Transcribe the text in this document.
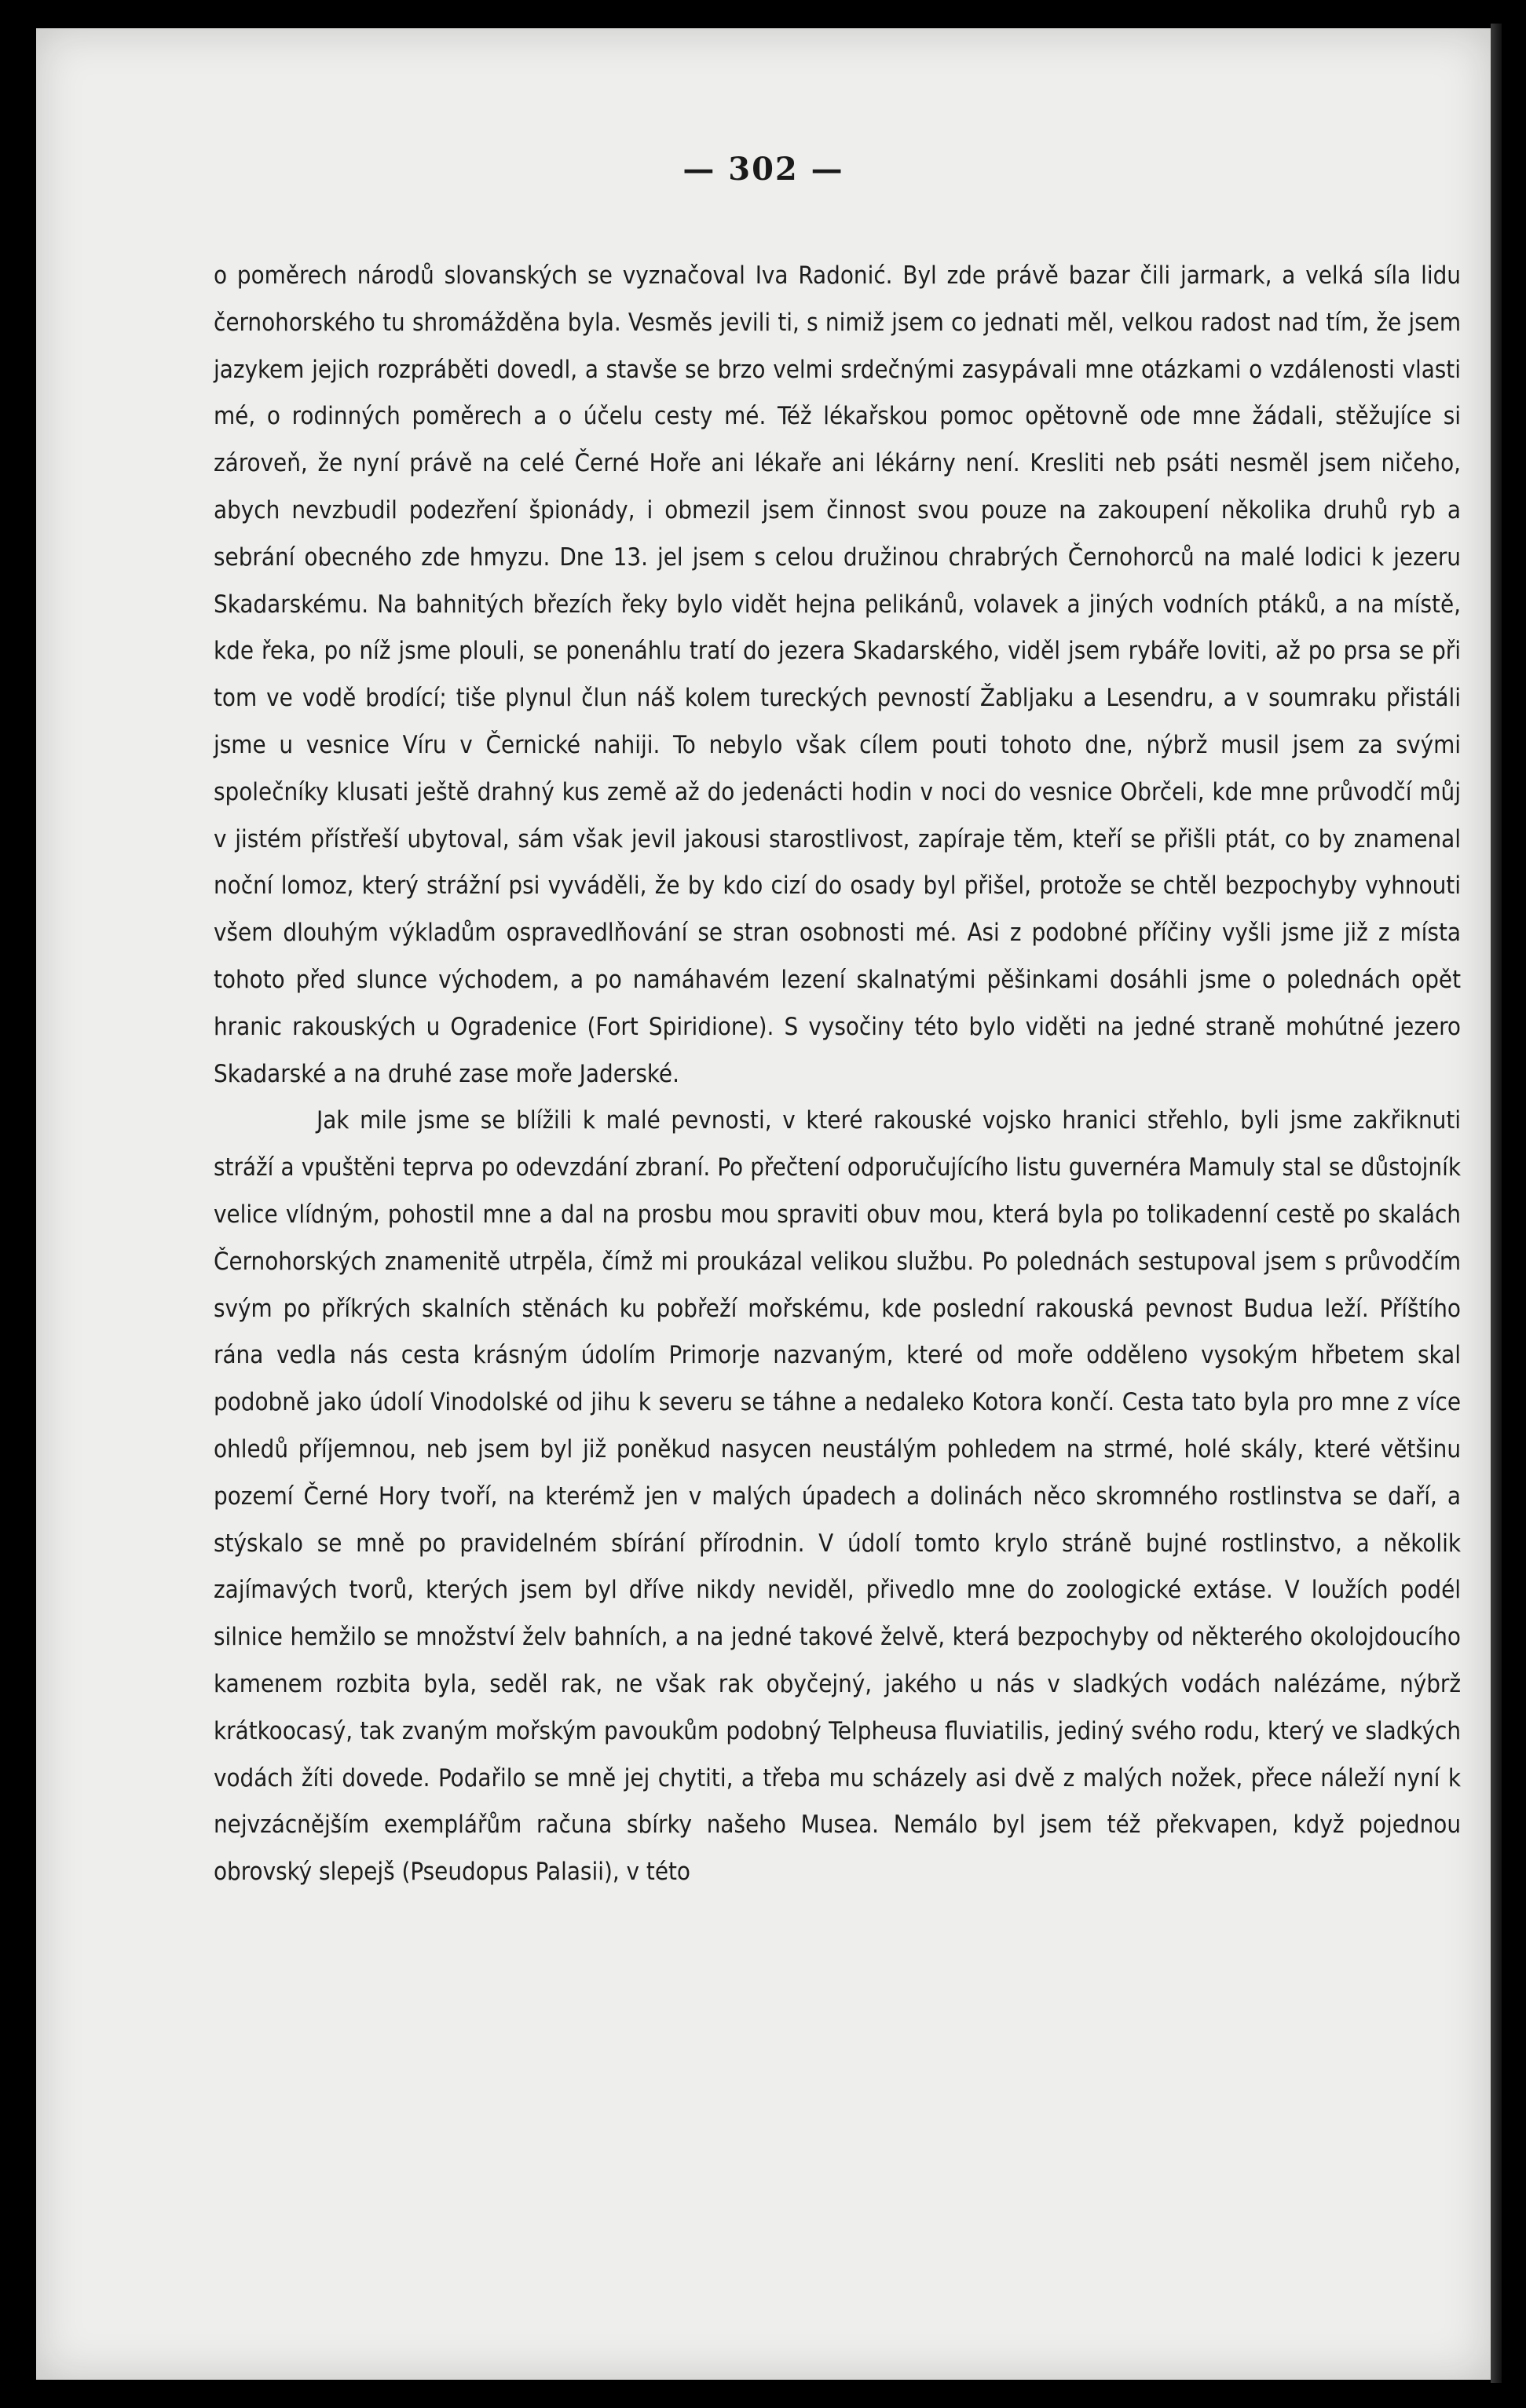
— 302 —

o poměrech národů slovanských se vyznačoval Iva Radonić. Byl zde právě bazar čili jarmark, a velká síla lidu černohorského tu shromážděna byla. Vesměs jevili ti, s nimiž jsem co jednati měl, velkou radost nad tím, že jsem jazykem jejich rozpráběti dovedl, a stavše se brzo velmi srdečnými zasypávali mne otázkami o vzdálenosti vlasti mé, o rodinných poměrech a o účelu cesty mé. Též lékařskou pomoc opětovně ode mne žádali, stěžujíce si zároveň, že nyní právě na celé Černé Hoře ani lékaře ani lékárny není. Kresliti neb psáti nesměl jsem ničeho, abych nevzbudil podezření špionády, i obmezil jsem činnost svou pouze na zakoupení několika druhů ryb a sebrání obecného zde hmyzu. Dne 13. jel jsem s celou družinou chrabrých Černohorců na malé lodici k jezeru Skadarskému. Na bahnitých březích řeky bylo vidět hejna pelikánů, volavek a jiných vodních ptáků, a na místě, kde řeka, po níž jsme plouli, se ponenáhlu tratí do jezera Skadarského, viděl jsem rybáře loviti, až po prsa se při tom ve vodě brodící; tiše plynul člun náš kolem tureckých pevností Žabljaku a Lesendru, a v soumraku přistáli jsme u vesnice Víru v Černické nahiji. To nebylo však cílem pouti tohoto dne, nýbrž musil jsem za svými společníky klusati ještě drahný kus země až do jedenácti hodin v noci do vesnice Obrčeli, kde mne průvodčí můj v jistém přístřeší ubytoval, sám však jevil jakousi starostlivost, zapíraje těm, kteří se přišli ptát, co by znamenal noční lomoz, který strážní psi vyváděli, že by kdo cizí do osady byl přišel, protože se chtěl bezpochyby vyhnouti všem dlouhým výkladům ospravedlňování se stran osobnosti mé. Asi z podobné příčiny vyšli jsme již z místa tohoto před slunce východem, a po namáhavém lezení skalnatými pěšinkami dosáhli jsme o polednách opět hranic rakouských u Ogradenice (Fort Spiridione). S vysočiny této bylo viděti na jedné straně mohútné jezero Skadarské a na druhé zase moře Jaderské.

Jak mile jsme se blížili k malé pevnosti, v které rakouské vojsko hranici střehlo, byli jsme zakřiknuti stráží a vpuštěni teprva po odevzdání zbraní. Po přečtení odporučujícího listu guvernéra Mamuly stal se důstojník velice vlídným, pohostil mne a dal na prosbu mou spraviti obuv mou, která byla po tolikadenní cestě po skalách Černohorských znamenitě utrpěla, čímž mi proukázal velikou službu. Po polednách sestupoval jsem s průvodčím svým po příkrých skalních stěnách ku pobřeží mořskému, kde poslední rakouská pevnost Budua leží. Příštího rána vedla nás cesta krásným údolím Primorje nazvaným, které od moře odděleno vysokým hřbetem skal podobně jako údolí Vinodolské od jihu k severu se táhne a nedaleko Kotora končí. Cesta tato byla pro mne z více ohledů příjemnou, neb jsem byl již poněkud nasycen neustálým pohledem na strmé, holé skály, které většinu pozemí Černé Hory tvoří, na kterémž jen v malých úpadech a dolinách něco skromného rostlinstva se daří, a stýskalo se mně po pravidelném sbírání přírodnin. V údolí tomto krylo stráně bujné rostlinstvo, a několik zajímavých tvorů, kterých jsem byl dříve nikdy neviděl, přivedlo mne do zoologické extáse. V loužích podél silnice hemžilo se množství želv bahních, a na jedné takové želvě, která bezpochyby od některého okolojdoucího kamenem rozbita byla, seděl rak, ne však rak obyčejný, jakého u nás v sladkých vodách nalézáme, nýbrž krátkoocasý, tak zvaným mořským pavoukům podobný Telpheusa fluviatilis, jediný svého rodu, který ve sladkých vodách žíti dovede. Podařilo se mně jej chytiti, a třeba mu scházely asi dvě z malých nožek, přece náleží nyní k nejvzácnějším exemplářům računa sbírky našeho Musea. Nemálo byl jsem též překvapen, když pojednou obrovský slepejš (Pseudopus Palasii), v této
